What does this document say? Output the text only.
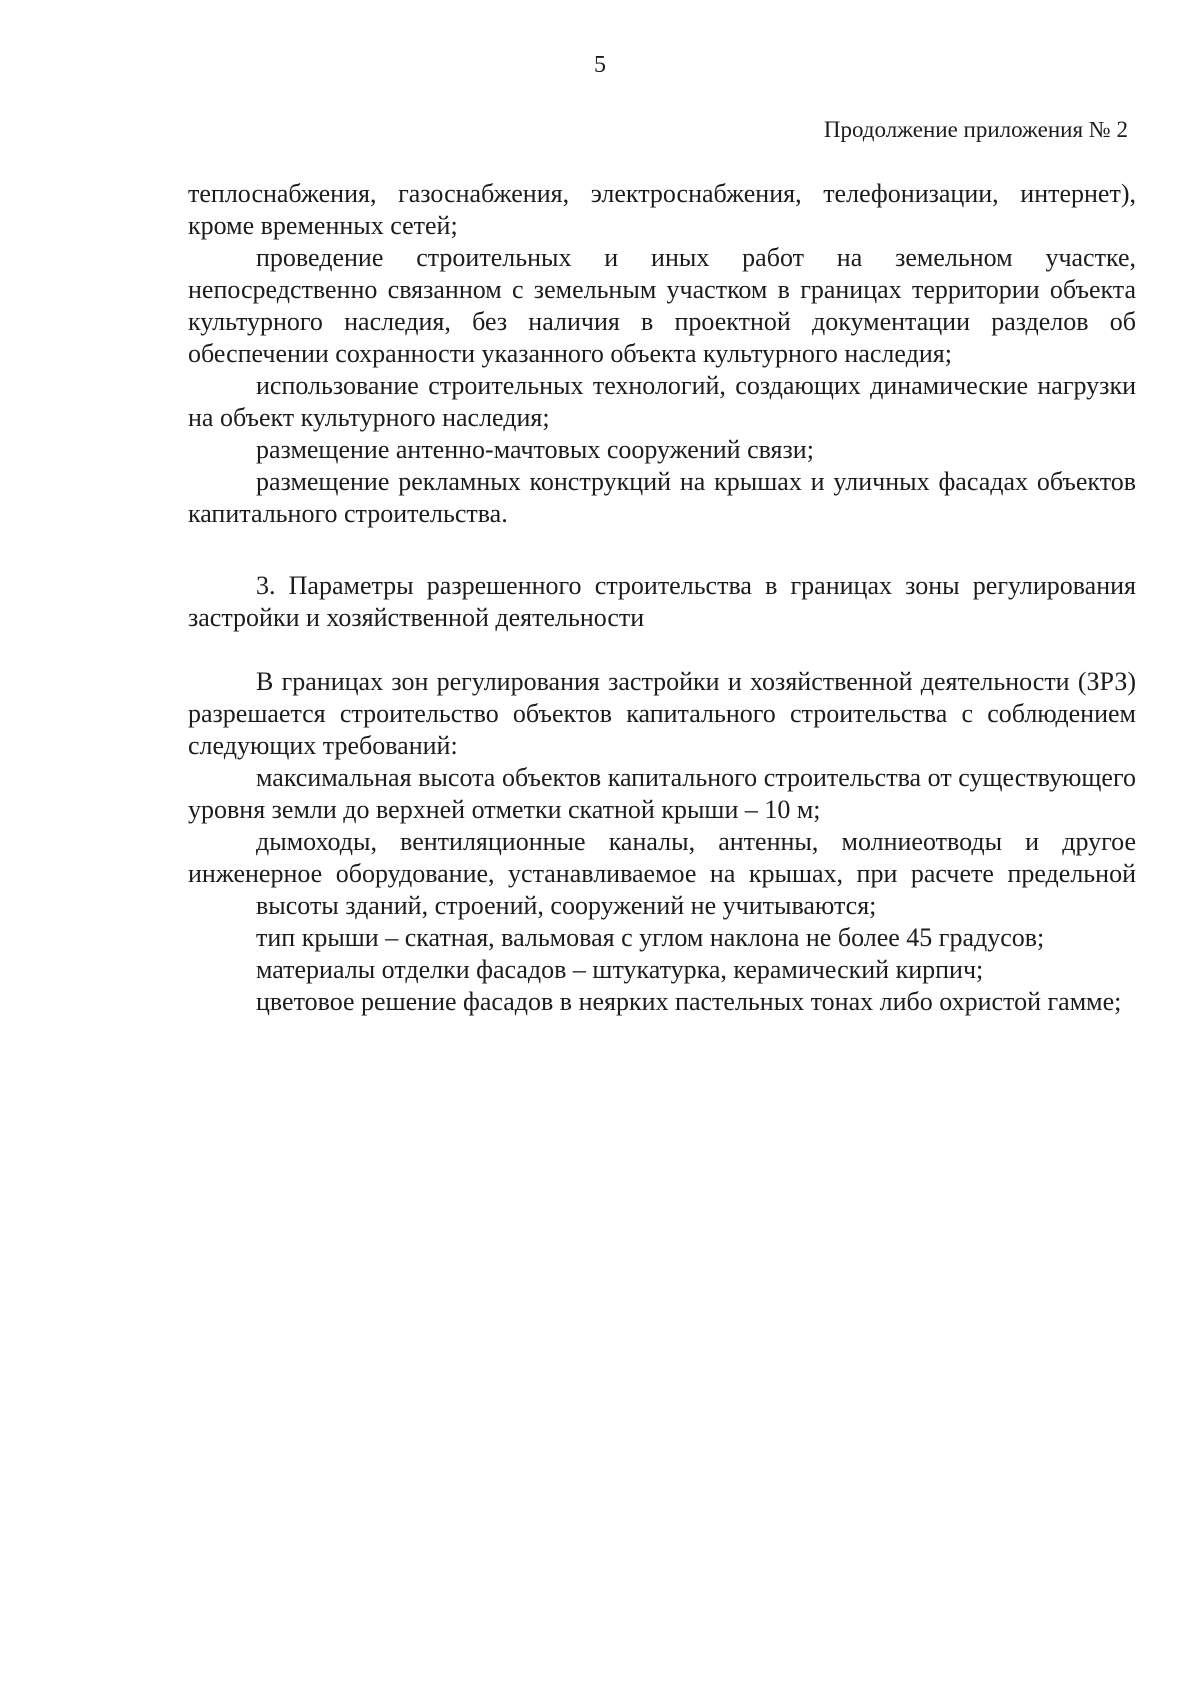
5
Продолжение приложения № 2

теплоснабжения, газоснабжения, электроснабжения, телефонизации, интернет), кроме временных сетей;

проведение строительных и иных работ на земельном участке, непосредственно связанном с земельным участком в границах территории объекта культурного наследия, без наличия в проектной документации разделов об обеспечении сохранности указанного объекта культурного наследия;

использование строительных технологий, создающих динамические нагрузки на объект культурного наследия;

размещение антенно-мачтовых сооружений связи;

размещение рекламных конструкций на крышах и уличных фасадах объектов капитального строительства.

3. Параметры разрешенного строительства в границах зоны регулирования застройки и хозяйственной деятельности

В границах зон регулирования застройки и хозяйственной деятельности (ЗРЗ) разрешается строительство объектов капитального строительства с соблюдением следующих требований:

максимальная высота объектов капитального строительства от существующего уровня земли до верхней отметки скатной крыши – 10 м;

дымоходы, вентиляционные каналы, антенны, молниеотводы и другое инженерное оборудование, устанавливаемое на крышах, при расчете предельной

высоты зданий, строений, сооружений не учитываются;

тип крыши – скатная, вальмовая с углом наклона не более 45 градусов;

материалы отделки фасадов – штукатурка, керамический кирпич;

цветовое решение фасадов в неярких пастельных тонах либо охристой гамме;
